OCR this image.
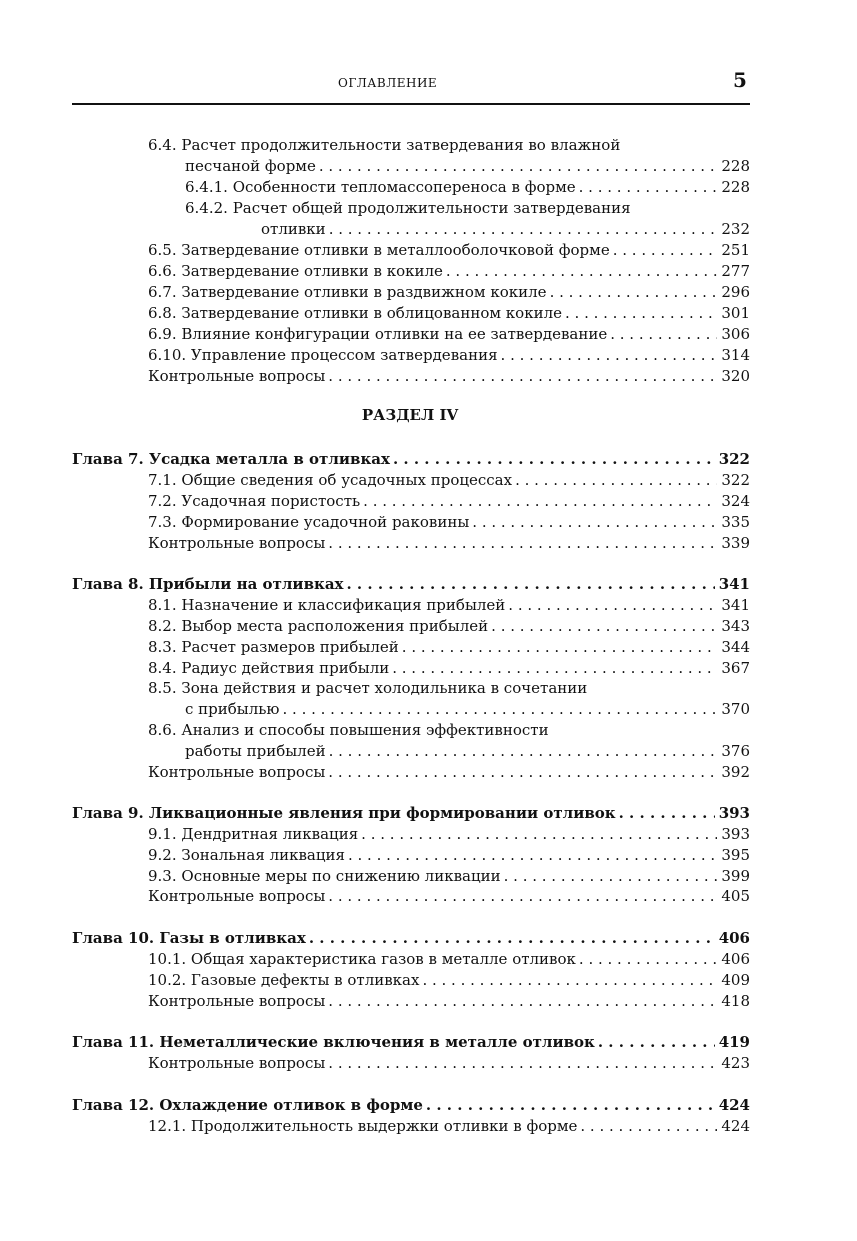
ОГЛАВЛЕНИЕ	5
6.4. Расчет продолжительности затвердевания во влажной
песчаной форме . . .	228
6.4.1. Особенности тепломассопереноса в форме . . .	228
6.4.2. Расчет общей продолжительности затвердевания
отливки . . .	232
6.5. Затвердевание отливки в металлооболочковой форме . . .	251
6.6. Затвердевание отливки в кокиле . . .	277
6.7. Затвердевание отливки в раздвижном кокиле . . .	296
6.8. Затвердевание отливки в облицованном кокиле . . .	301
6.9. Влияние конфигурации отливки на ее затвердевание . . .	306
6.10. Управление процессом затвердевания . . .	314
Контрольные вопросы . . .	320
РАЗДЕЛ IV
Глава 7. Усадка металла в отливках . . .	322
7.1. Общие сведения об усадочных процессах . . .	322
7.2. Усадочная пористость . . .	324
7.3. Формирование усадочной раковины . . .	335
Контрольные вопросы . . .	339
Глава 8. Прибыли на отливках . . .	341
8.1. Назначение и классификация прибылей . . .	341
8.2. Выбор места расположения прибылей . . .	343
8.3. Расчет размеров прибылей . . .	344
8.4. Радиус действия прибыли . . .	367
8.5. Зона действия и расчет холодильника в сочетании
с прибылью . . .	370
8.6. Анализ и способы повышения эффективности
работы прибылей . . .	376
Контрольные вопросы . . .	392
Глава 9. Ликвационные явления при формировании отливок . . .	393
9.1. Дендритная ликвация . . .	393
9.2. Зональная ликвация . . .	395
9.3. Основные меры по снижению ликвации . . .	399
Контрольные вопросы . . .	405
Глава 10. Газы в отливках . . .	406
10.1. Общая характеристика газов в металле отливок . . .	406
10.2. Газовые дефекты в отливках . . .	409
Контрольные вопросы . . .	418
Глава 11. Неметаллические включения в металле отливок . . .	419
Контрольные вопросы . . .	423
Глава 12. Охлаждение отливок в форме . . .	424
12.1. Продолжительность выдержки отливки в форме . . .	424
